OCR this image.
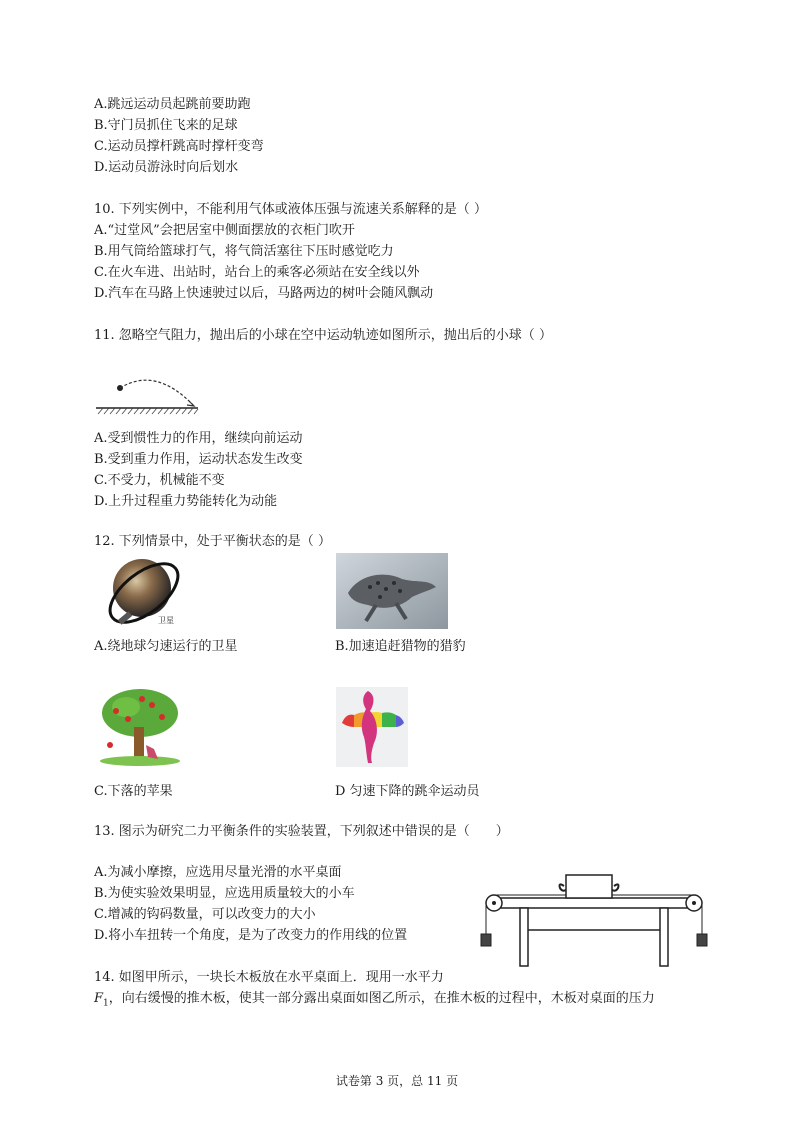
A.跳远运动员起跳前要助跑
B.守门员抓住飞来的足球
C.运动员撑杆跳高时撑杆变弯
D.运动员游泳时向后划水
10. 下列实例中，不能利用气体或液体压强与流速关系解释的是（ ）
A.“过堂风”会把居室中侧面摆放的衣柜门吹开
B.用气筒给篮球打气，将气筒活塞往下压时感觉吃力
C.在火车进、出站时，站台上的乘客必须站在安全线以外
D.汽车在马路上快速驶过以后，马路两边的树叶会随风飘动
11. 忽略空气阻力，抛出后的小球在空中运动轨迹如图所示，抛出后的小球（ ）
A.受到惯性力的作用，继续向前运动
B.受到重力作用，运动状态发生改变
C.不受力，机械能不变
D.上升过程重力势能转化为动能
12. 下列情景中，处于平衡状态的是（ ）
卫星
A.绕地球匀速运行的卫星	B.加速追赶猎物的猎豹
C.下落的苹果	D 匀速下降的跳伞运动员
13. 图示为研究二力平衡条件的实验装置，下列叙述中错误的是（　　）
A.为减小摩擦，应选用尽量光滑的水平桌面
B.为使实验效果明显，应选用质量较大的小车
C.增减的钩码数量，可以改变力的大小
D.将小车扭转一个角度，是为了改变力的作用线的位置
14. 如图甲所示，一块长木板放在水平桌面上．现用一水平力
$F_1$，向右缓慢的推木板，使其一部分露出桌面如图乙所示，在推木板的过程中，木板对桌面的压力
试卷第 3 页，总 11 页
